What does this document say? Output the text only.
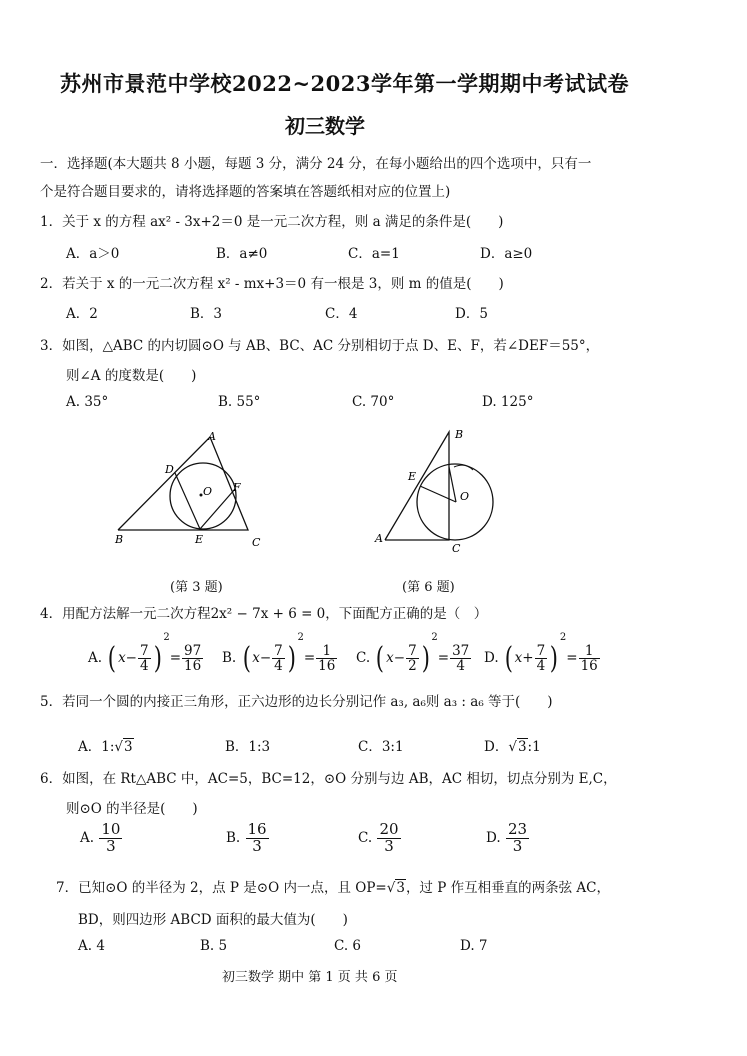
苏州市景范中学校2022~2023学年第一学期期中考试试卷
初三数学
一．选择题(本大题共 8 小题，每题 3 分，满分 24 分，在每小题给出的四个选项中，只有一
个是符合题目要求的，请将选择题的答案填在答题纸相对应的位置上)
1．关于 x 的方程 ax² - 3x+2＝0 是一元二次方程，则 a 满足的条件是(　　)
A．a＞0	B．a≠0	C．a=1	D．a≥0
2．若关于 x 的一元二次方程 x² - mx+3＝0 有一根是 3，则 m 的值是(　　)
A．2	B．3	C．4	D．5
3．如图，△ABC 的内切圆⊙O 与 AB、BC、AC 分别相切于点 D、E、F，若∠DEF＝55°，
则∠A 的度数是(　　)
A. 35°	B. 55°	C. 70°	D. 125°
A
B	C
D
E
F
O
(第 3 题)
B
E
O
A
C
(第 6 题)
4．用配方法解一元二次方程2x² − 7x + 6 = 0，下面配方正确的是（　）
A. ( $x- \frac{7}{4} )^2= \frac{97}{16} B$. ( $x- \frac{7}{4} )^2= \frac{1}{16} C$. ( $x- \frac{7}{2} )^2= \frac{37}{4} D$. ( $x+ \frac{7}{4} )^2= \frac{1}{16}$
5．若同一个圆的内接正三角形，正六边形的边长分别记作 a₃, a₆则 a₃ : a₆ 等于(　　)
A．1:√3	B．1:3	C．3:1	D．√3:1
6．如图，在 Rt△ABC 中，AC=5，BC=12，⊙O 分别与边 AB，AC 相切，切点分别为 E,C，
则⊙O 的半径是(　　)
A. $\frac{10}{3}$	B. $\frac{16}{3}$	C. $\frac{20}{3}$	D. $\frac{23}{3}$
7．已知⊙O 的半径为 2，点 P 是⊙O 内一点，且 OP=√3，过 P 作互相垂直的两条弦 AC，
BD，则四边形 ABCD 面积的最大值为(　　)
A. 4	B. 5	C. 6	D. 7
初三数学 期中 第 1 页 共 6 页
